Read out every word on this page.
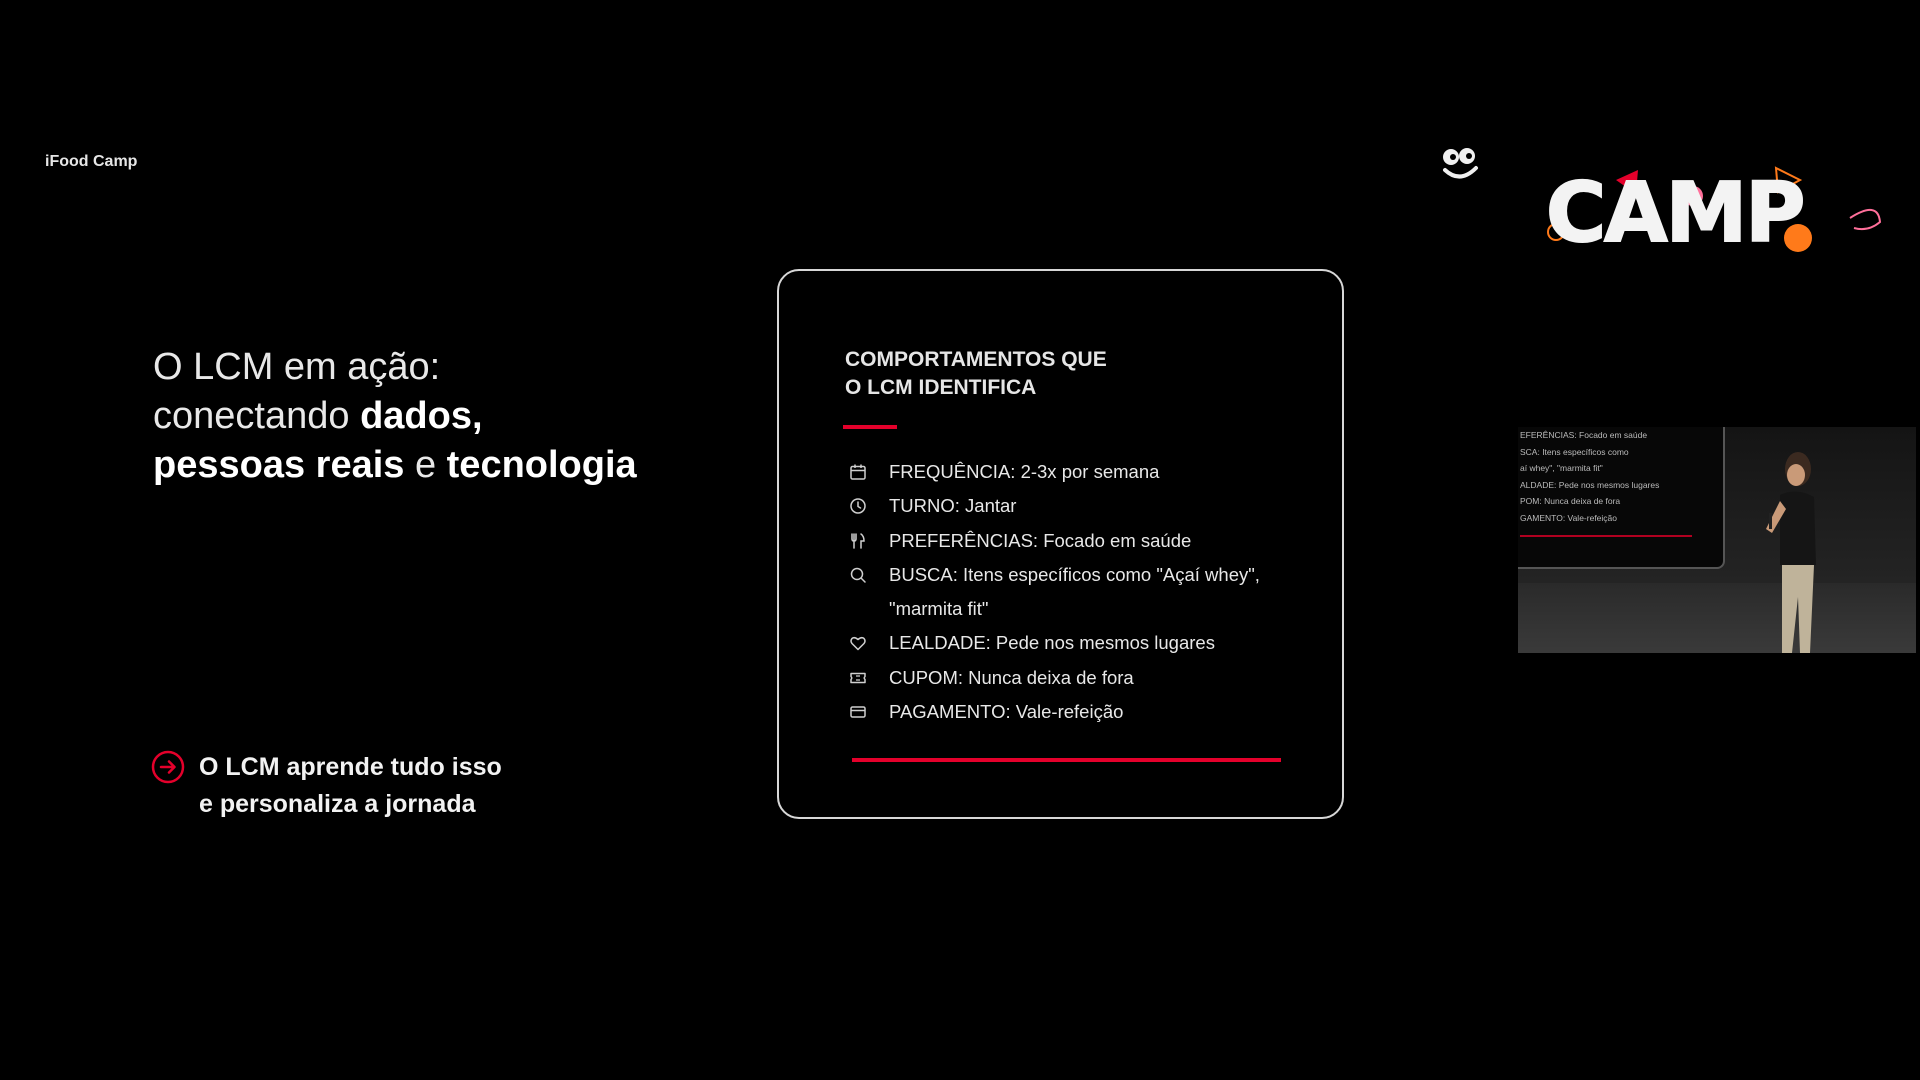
iFood Camp
O LCM em ação:
conectando dados,
pessoas reais e tecnologia
O LCM aprende tudo isso
e personaliza a jornada
COMPORTAMENTOS QUE
O LCM IDENTIFICA
FREQUÊNCIA: 2-3x por semana
TURNO: Jantar
PREFERÊNCIAS: Focado em saúde
BUSCA: Itens específicos como "Açaí whey", "marmita fit"
LEALDADE: Pede nos mesmos lugares
CUPOM: Nunca deixa de fora
PAGAMENTO: Vale-refeição
CAMP
EFERÊNCIAS: Focado em saúde
SCA: Itens específicos como
aí whey", "marmita fit"
ALDADE: Pede nos mesmos lugares
POM: Nunca deixa de fora
GAMENTO: Vale-refeição
